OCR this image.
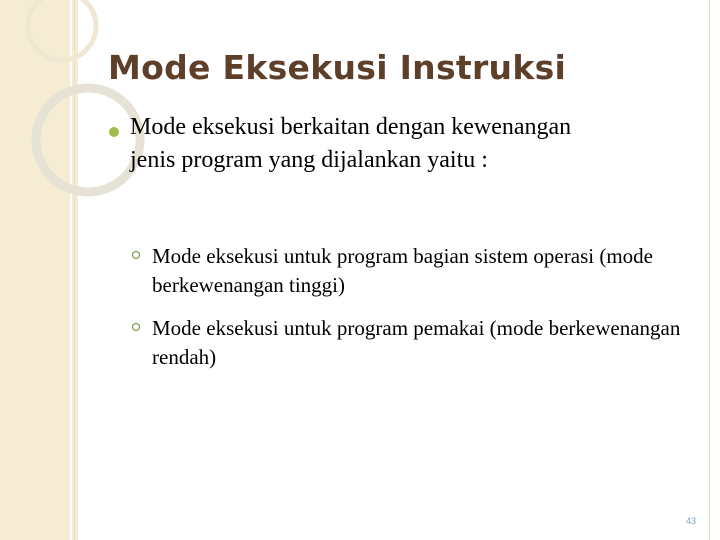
Mode Eksekusi Instruksi
Mode eksekusi berkaitan dengan kewenangan jenis program yang dijalankan yaitu :
Mode eksekusi untuk program bagian sistem operasi (mode berkewenangan tinggi)
Mode eksekusi untuk program pemakai (mode berkewenangan rendah)
43
